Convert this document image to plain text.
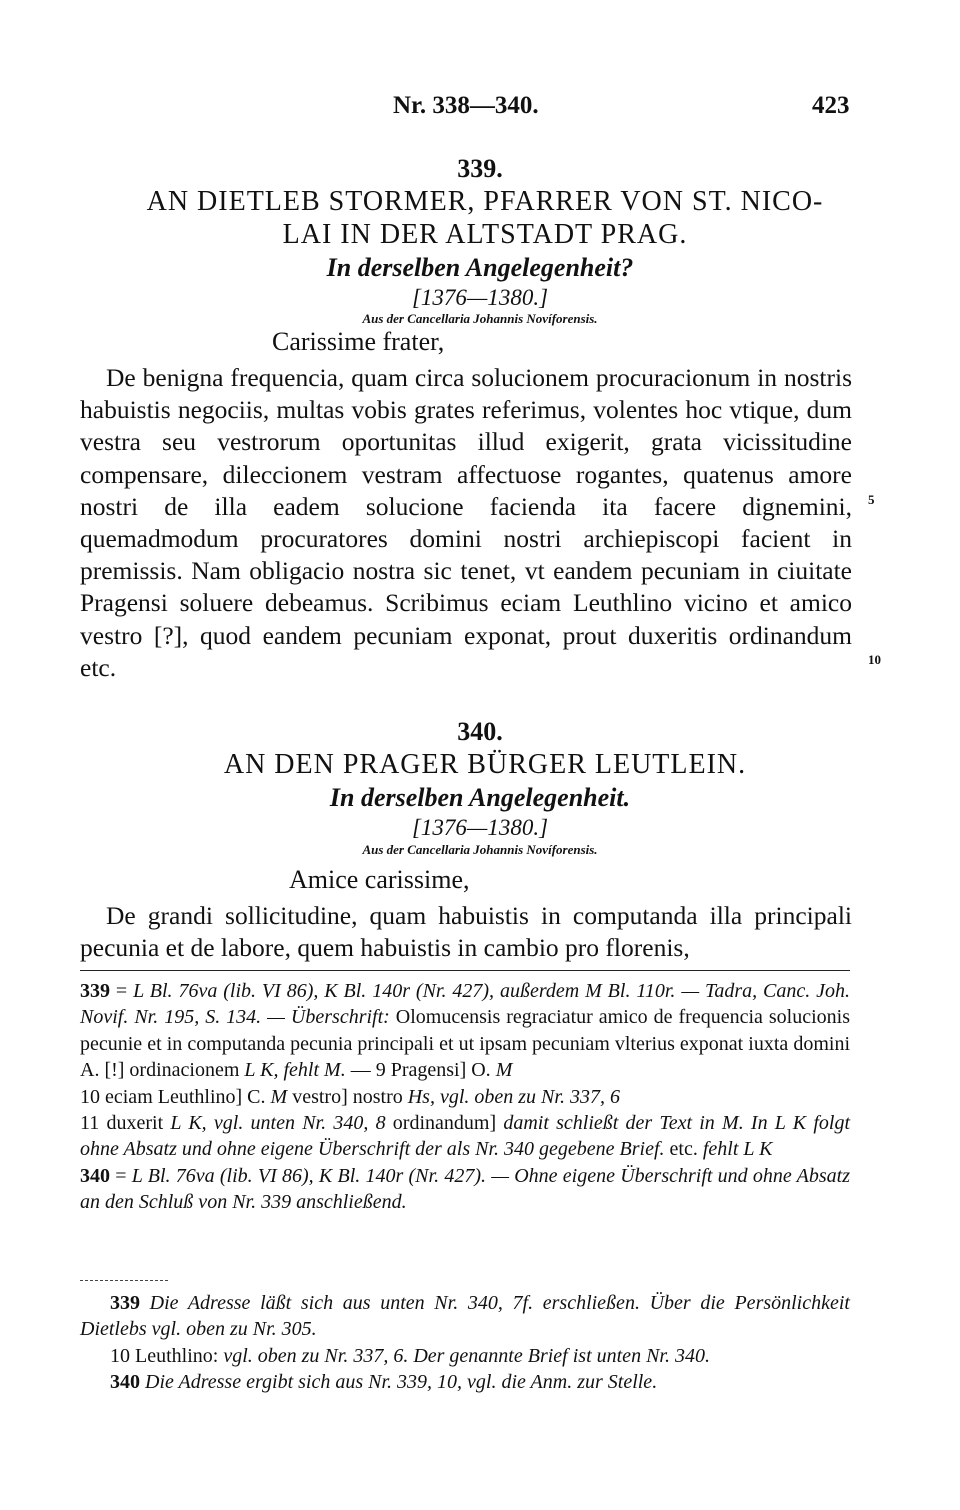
Nr. 338—340.	423
339.
AN DIETLEB STORMER, PFARRER VON ST. NICO-
LAI IN DER ALTSTADT PRAG.
In derselben Angelegenheit?
[1376—1380.]
Aus der Cancellaria Johannis Novíforensis.
Carissime frater,

De benigna frequencia, quam circa solucionem procuracionum in nostris habuistis negociis, multas vobis grates referimus, volentes hoc vtique, dum vestra seu vestrorum oportunitas illud exigerit, grata vicissitudine compensare, dileccionem vestram affectuose rogantes, quatenus amore nostri de illa eadem solucione facienda ita facere dignemini, quemadmodum procuratores domini nostri archiepiscopi facient in premissis. Nam obligacio nostra sic tenet, vt eandem pecuniam in ciuitate Pragensi soluere debeamus. Scribimus eciam Leuthlino vicino et amico vestro [?], quod eandem pecuniam exponat, prout duxeritis ordinandum etc.

5
10
340.
AN DEN PRAGER BÜRGER LEUTLEIN.
In derselben Angelegenheit.
[1376—1380.]
Aus der Cancellaria Johannis Novíforensis.
Amice carissime,

De grandi sollicitudine, quam habuistis in computanda illa principali pecunia et de labore, quem habuistis in cambio pro florenis,

339 = L Bl. 76va (lib. VI 86), K Bl. 140r (Nr. 427), außerdem M Bl. 110r. — Tadra, Canc. Joh. Novif. Nr. 195, S. 134. — Überschrift: Olomucensis regraciatur amico de frequencia solucionis pecunie et in computanda pecunia principali et ut ipsam pecuniam vlterius exponat iuxta domini A. [!] ordinacionem L K, fehlt M. — 9 Pragensi] O. M

10 eciam Leuthlino] C. M vestro] nostro Hs, vgl. oben zu Nr. 337, 6

11 duxerit L K, vgl. unten Nr. 340, 8 ordinandum] damit schließt der Text in M. In L K folgt ohne Absatz und ohne eigene Überschrift der als Nr. 340 gegebene Brief. etc. fehlt L K

340 = L Bl. 76va (lib. VI 86), K Bl. 140r (Nr. 427). — Ohne eigene Überschrift und ohne Absatz an den Schluß von Nr. 339 anschließend.

339 Die Adresse läßt sich aus unten Nr. 340, 7f. erschließen. Über die Persönlichkeit Dietlebs vgl. oben zu Nr. 305.

10 Leuthlino: vgl. oben zu Nr. 337, 6. Der genannte Brief ist unten Nr. 340.

340 Die Adresse ergibt sich aus Nr. 339, 10, vgl. die Anm. zur Stelle.
